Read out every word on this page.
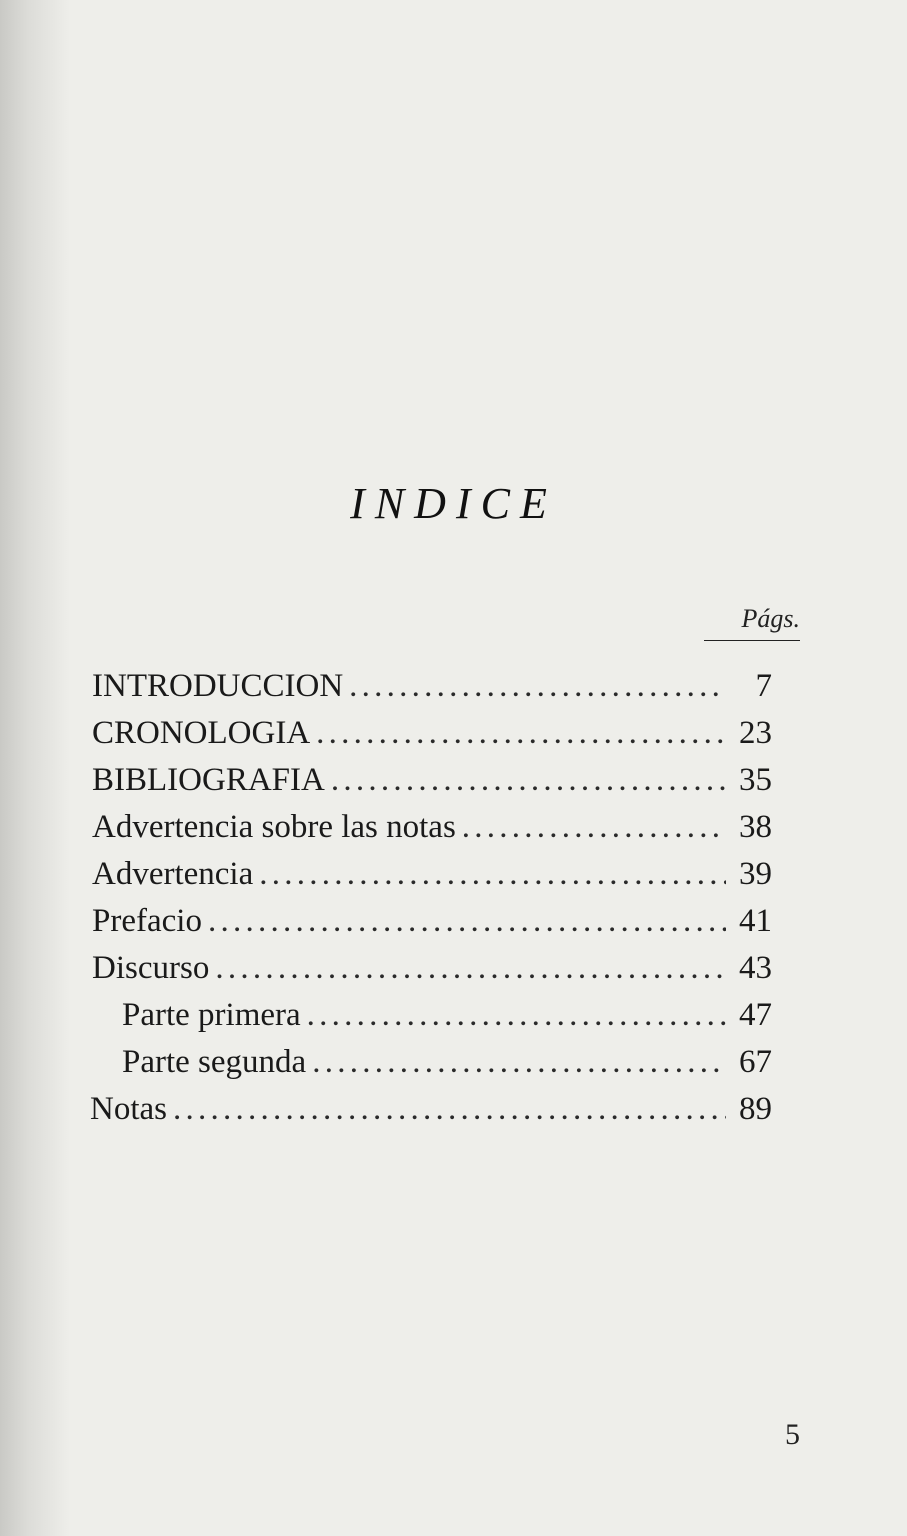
INDICE
Págs.
INTRODUCCION . . .	7
CRONOLOGIA . . .	23
BIBLIOGRAFIA . . .	35
Advertencia sobre las notas . . .	38
Advertencia . . .	39
Prefacio . . .	41
Discurso . . .	43
Parte primera . . .	47
Parte segunda . . .	67
Notas . . .	89
5
